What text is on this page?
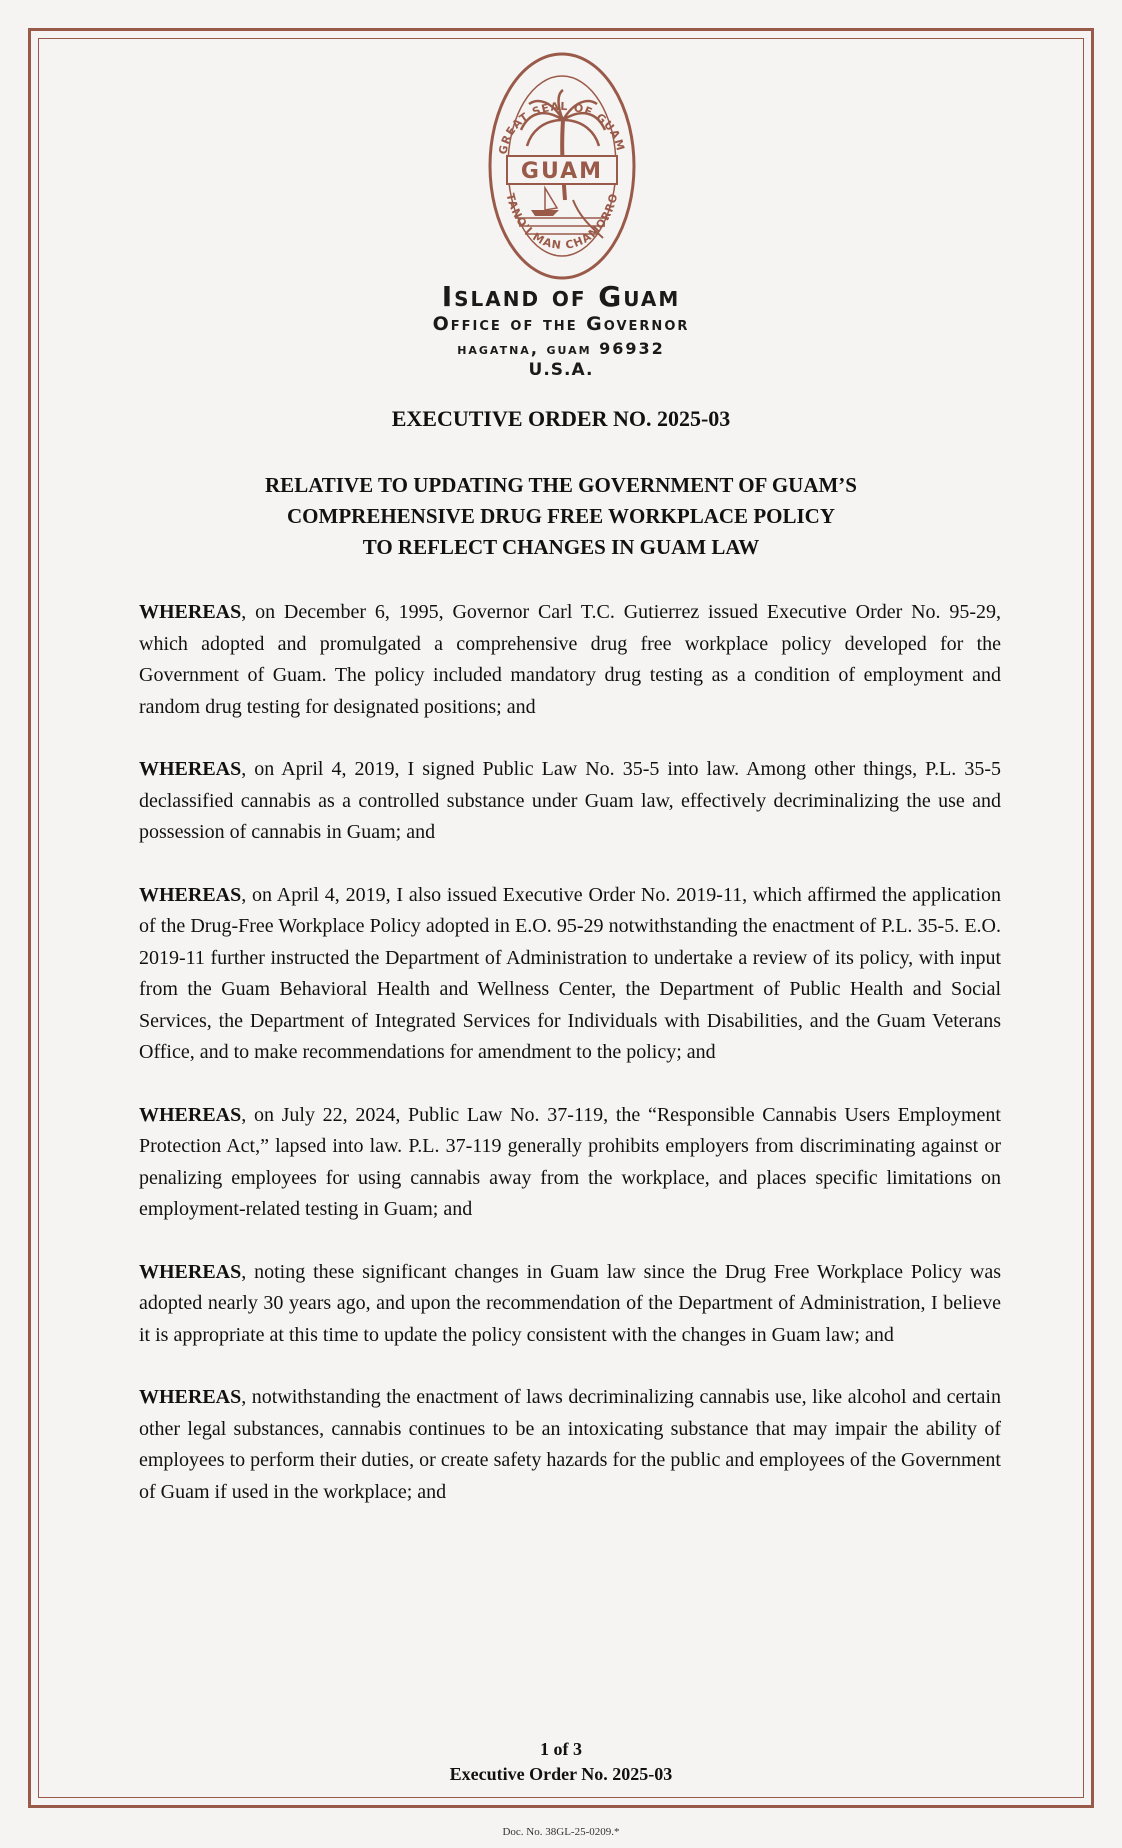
GREAT SEAL OF GUAM
TANO'I MAN CHAMORRO
GUAM
Island of Guam
Office of the Governor
hagatna, guam 96932
U.S.A.
EXECUTIVE ORDER NO. 2025-03
RELATIVE TO UPDATING THE GOVERNMENT OF GUAM’S
COMPREHENSIVE DRUG FREE WORKPLACE POLICY
TO REFLECT CHANGES IN GUAM LAW

WHEREAS, on December 6, 1995, Governor Carl T.C. Gutierrez issued Executive Order No. 95-29, which adopted and promulgated a comprehensive drug free workplace policy developed for the Government of Guam. The policy included mandatory drug testing as a condition of employment and random drug testing for designated positions; and

WHEREAS, on April 4, 2019, I signed Public Law No. 35-5 into law. Among other things, P.L. 35-5 declassified cannabis as a controlled substance under Guam law, effectively decriminalizing the use and possession of cannabis in Guam; and

WHEREAS, on April 4, 2019, I also issued Executive Order No. 2019-11, which affirmed the application of the Drug-Free Workplace Policy adopted in E.O. 95-29 notwithstanding the enactment of P.L. 35-5. E.O. 2019-11 further instructed the Department of Administration to undertake a review of its policy, with input from the Guam Behavioral Health and Wellness Center, the Department of Public Health and Social Services, the Department of Integrated Services for Individuals with Disabilities, and the Guam Veterans Office, and to make recommendations for amendment to the policy; and

WHEREAS, on July 22, 2024, Public Law No. 37-119, the “Responsible Cannabis Users Employment Protection Act,” lapsed into law. P.L. 37-119 generally prohibits employers from discriminating against or penalizing employees for using cannabis away from the workplace, and places specific limitations on employment-related testing in Guam; and

WHEREAS, noting these significant changes in Guam law since the Drug Free Workplace Policy was adopted nearly 30 years ago, and upon the recommendation of the Department of Administration, I believe it is appropriate at this time to update the policy consistent with the changes in Guam law; and

WHEREAS, notwithstanding the enactment of laws decriminalizing cannabis use, like alcohol and certain other legal substances, cannabis continues to be an intoxicating substance that may impair the ability of employees to perform their duties, or create safety hazards for the public and employees of the Government of Guam if used in the workplace; and

1 of 3
Executive Order No. 2025-03
Doc. No. 38GL-25-0209.*
